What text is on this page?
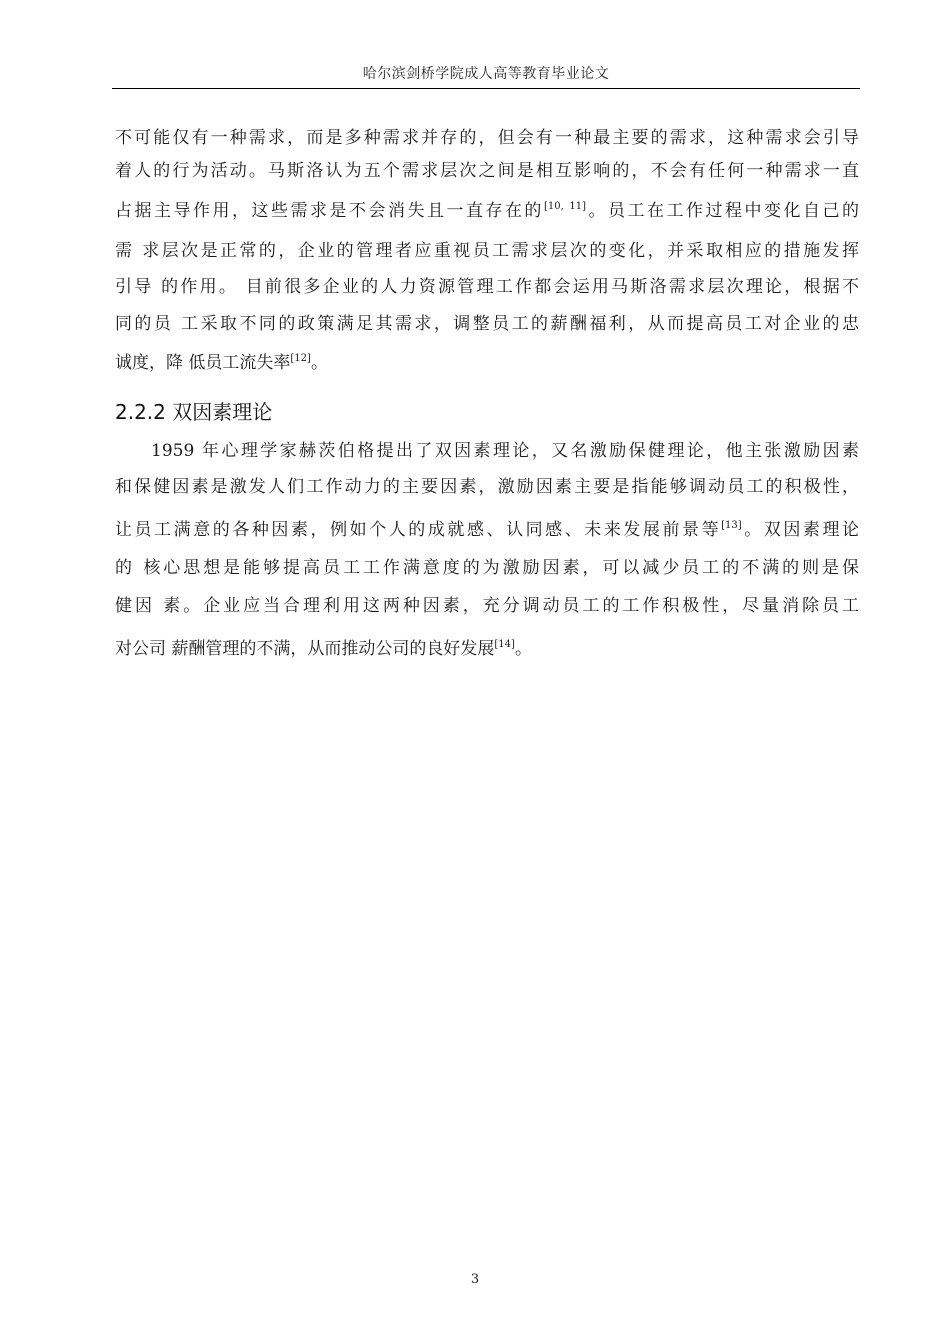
哈尔滨剑桥学院成人高等教育毕业论文
不可能仅有一种需求，而是多种需求并存的，但会有一种最主要的需求，这种需求会引导
着人的行为活动。马斯洛认为五个需求层次之间是相互影响的，不会有任何一种需求一直
占据主导作用，这些需求是不会消失且一直存在的[10, 11]。员工在工作过程中变化自己的
需 求层次是正常的，企业的管理者应重视员工需求层次的变化，并采取相应的措施发挥
引导 的作用。 目前很多企业的人力资源管理工作都会运用马斯洛需求层次理论，根据不
同的员 工采取不同的政策满足其需求，调整员工的薪酬福利，从而提高员工对企业的忠
诚度，降 低员工流失率[12]。
2.2.2 双因素理论
1959 年心理学家赫茨伯格提出了双因素理论，又名激励保健理论，他主张激励因素
和保健因素是激发人们工作动力的主要因素，激励因素主要是指能够调动员工的积极性，
让员工满意的各种因素，例如个人的成就感、认同感、未来发展前景等[13]。双因素理论
的 核心思想是能够提高员工工作满意度的为激励因素，可以减少员工的不满的则是保
健因 素。企业应当合理利用这两种因素，充分调动员工的工作积极性，尽量消除员工
对公司 薪酬管理的不满，从而推动公司的良好发展[14]。
3
